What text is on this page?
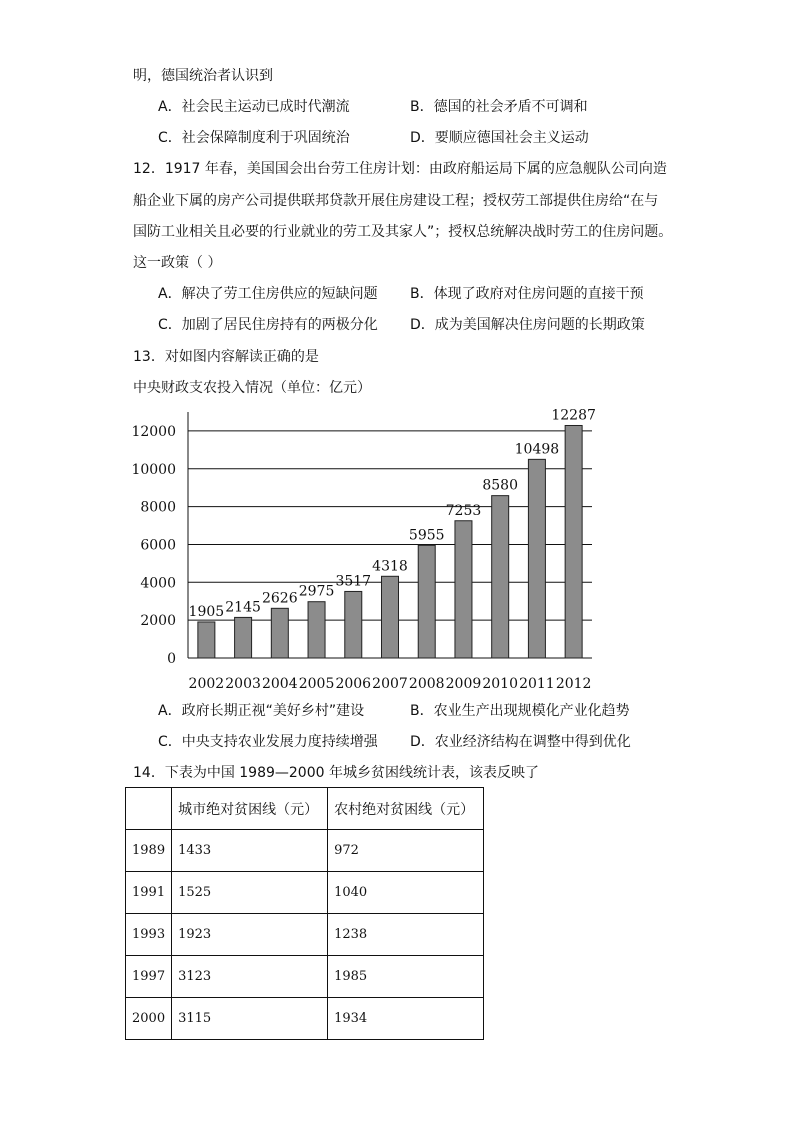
明，德国统治者认识到
A．社会民主运动已成时代潮流	B．德国的社会矛盾不可调和
C．社会保障制度利于巩固统治	D．要顺应德国社会主义运动
12．1917 年春，美国国会出台劳工住房计划：由政府船运局下属的应急舰队公司向造
船企业下属的房产公司提供联邦贷款开展住房建设工程；授权劳工部提供住房给“在与
国防工业相关且必要的行业就业的劳工及其家人”；授权总统解决战时劳工的住房问题。
这一政策（ ）
A．解决了劳工住房供应的短缺问题 B．体现了政府对住房问题的直接干预
C．加剧了居民住房持有的两极分化 D．成为美国解决住房问题的长期政策
13．对如图内容解读正确的是
中央财政支农投入情况（单位：亿元）
0
2000
4000
6000
8000
10000
12000
1905
2002
2145
2003
2626
2004
2975
2005
3517
2006
4318
2007
5955
2008
7253
2009
8580
2010
10498
2011
12287
2012
A．政府长期正视“美好乡村”建设	B．农业生产出现规模化产业化趋势
C．中央支持农业发展力度持续增强 D．农业经济结构在调整中得到优化
14．下表为中国 1989—2000 年城乡贫困线统计表，该表反映了
	城市绝对贫困线（元）	农村绝对贫困线（元）
1989	1433	972
1991	1525	1040
1993	1923	1238
1997	3123	1985
2000	3115	1934
